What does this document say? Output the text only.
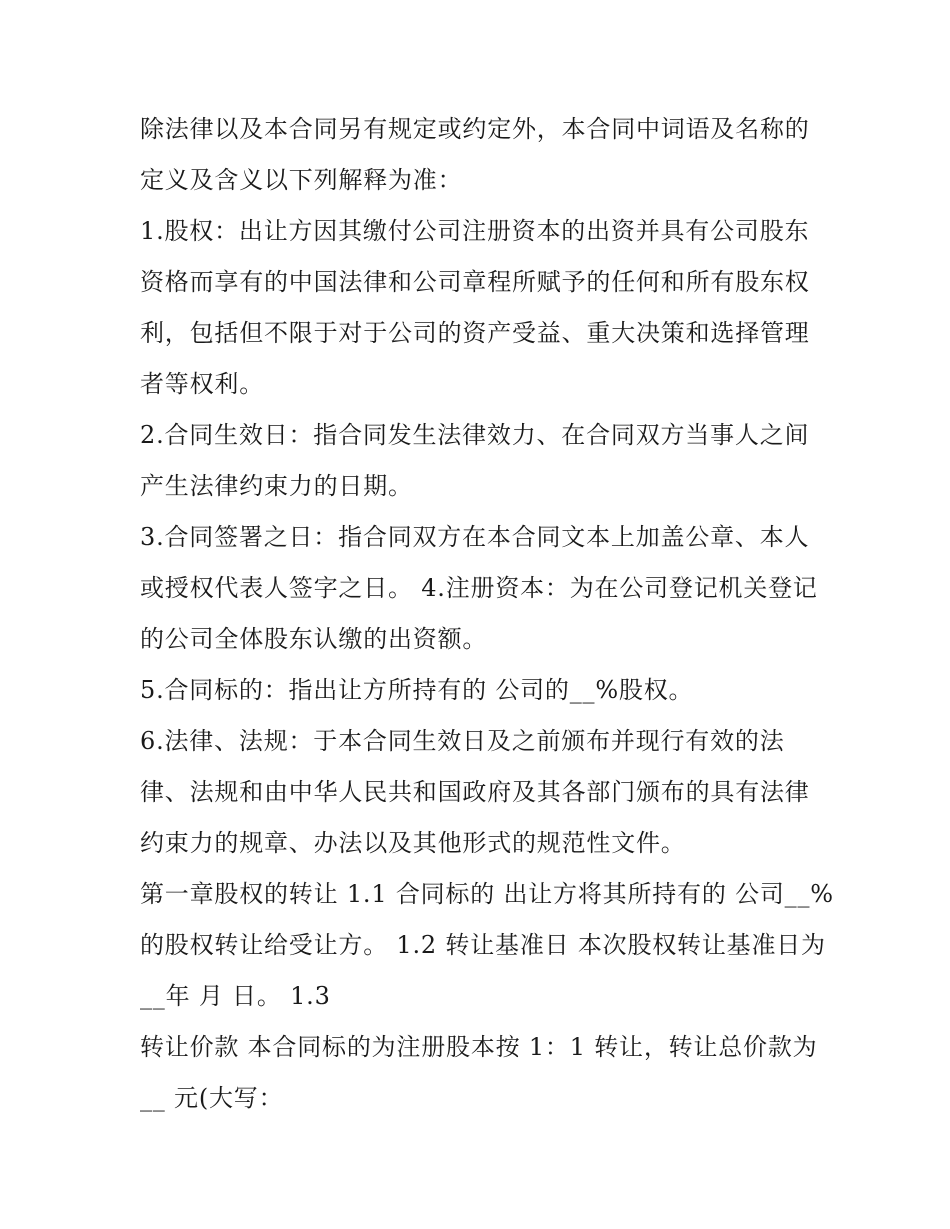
除法律以及本合同另有规定或约定外，本合同中词语及名称的
定义及含义以下列解释为准：
1.股权：出让方因其缴付公司注册资本的出资并具有公司股东
资格而享有的中国法律和公司章程所赋予的任何和所有股东权
利，包括但不限于对于公司的资产受益、重大决策和选择管理
者等权利。
2.合同生效日：指合同发生法律效力、在合同双方当事人之间
产生法律约束力的日期。
3.合同签署之日：指合同双方在本合同文本上加盖公章、本人
或授权代表人签字之日。 4.注册资本：为在公司登记机关登记
的公司全体股东认缴的出资额。
5.合同标的：指出让方所持有的 公司的__%股权。
6.法律、法规：于本合同生效日及之前颁布并现行有效的法
律、法规和由中华人民共和国政府及其各部门颁布的具有法律
约束力的规章、办法以及其他形式的规范性文件。
第一章股权的转让 1.1 合同标的 出让方将其所持有的 公司__%
的股权转让给受让方。 1.2 转让基准日 本次股权转让基准日为
__年 月 日。 1.3
转让价款 本合同标的为注册股本按 1：1 转让，转让总价款为
__ 元(大写：
